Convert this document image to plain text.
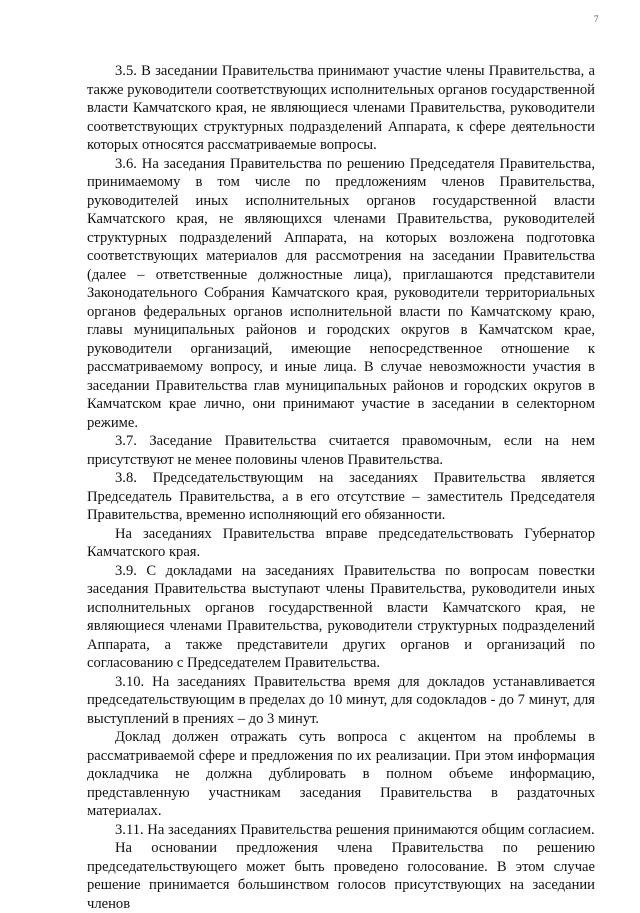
7

3.5. В заседании Правительства принимают участие члены Правительства, а также руководители соответствующих исполнительных органов государственной власти Камчатского края, не являющиеся членами Правительства, руководители соответствующих структурных подразделений Аппарата, к сфере деятельности которых относятся рассматриваемые вопросы.

3.6. На заседания Правительства по решению Председателя Правительства, принимаемому в том числе по предложениям членов Правительства, руководителей иных исполнительных органов государственной власти Камчатского края, не являющихся членами Правительства, руководителей структурных подразделений Аппарата, на которых возложена подготовка соответствующих материалов для рассмотрения на заседании Правительства (далее – ответственные должностные лица), приглашаются представители Законодательного Собрания Камчатского края, руководители территориальных органов федеральных органов исполнительной власти по Камчатскому краю, главы муниципальных районов и городских округов в Камчатском крае, руководители организаций, имеющие непосредственное отношение к рассматриваемому вопросу, и иные лица. В случае невозможности участия в заседании Правительства глав муниципальных районов и городских округов в Камчатском крае лично, они принимают участие в заседании в селекторном режиме.

3.7. Заседание Правительства считается правомочным, если на нем присутствуют не менее половины членов Правительства.

3.8. Председательствующим на заседаниях Правительства является Председатель Правительства, а в его отсутствие – заместитель Председателя Правительства, временно исполняющий его обязанности.

На заседаниях Правительства вправе председательствовать Губернатор Камчатского края.

3.9. С докладами на заседаниях Правительства по вопросам повестки заседания Правительства выступают члены Правительства, руководители иных исполнительных органов государственной власти Камчатского края, не являющиеся членами Правительства, руководители структурных подразделений Аппарата, а также представители других органов и организаций по согласованию с Председателем Правительства.

3.10. На заседаниях Правительства время для докладов устанавливается председательствующим в пределах до 10 минут, для содокладов - до 7 минут, для выступлений в прениях – до 3 минут.

Доклад должен отражать суть вопроса с акцентом на проблемы в рассматриваемой сфере и предложения по их реализации. При этом информация докладчика не должна дублировать в полном объеме информацию, представленную участникам заседания Правительства в раздаточных материалах.

3.11. На заседаниях Правительства решения принимаются общим согласием.

На основании предложения члена Правительства по решению председательствующего может быть проведено голосование. В этом случае решение принимается большинством голосов присутствующих на заседании членов
